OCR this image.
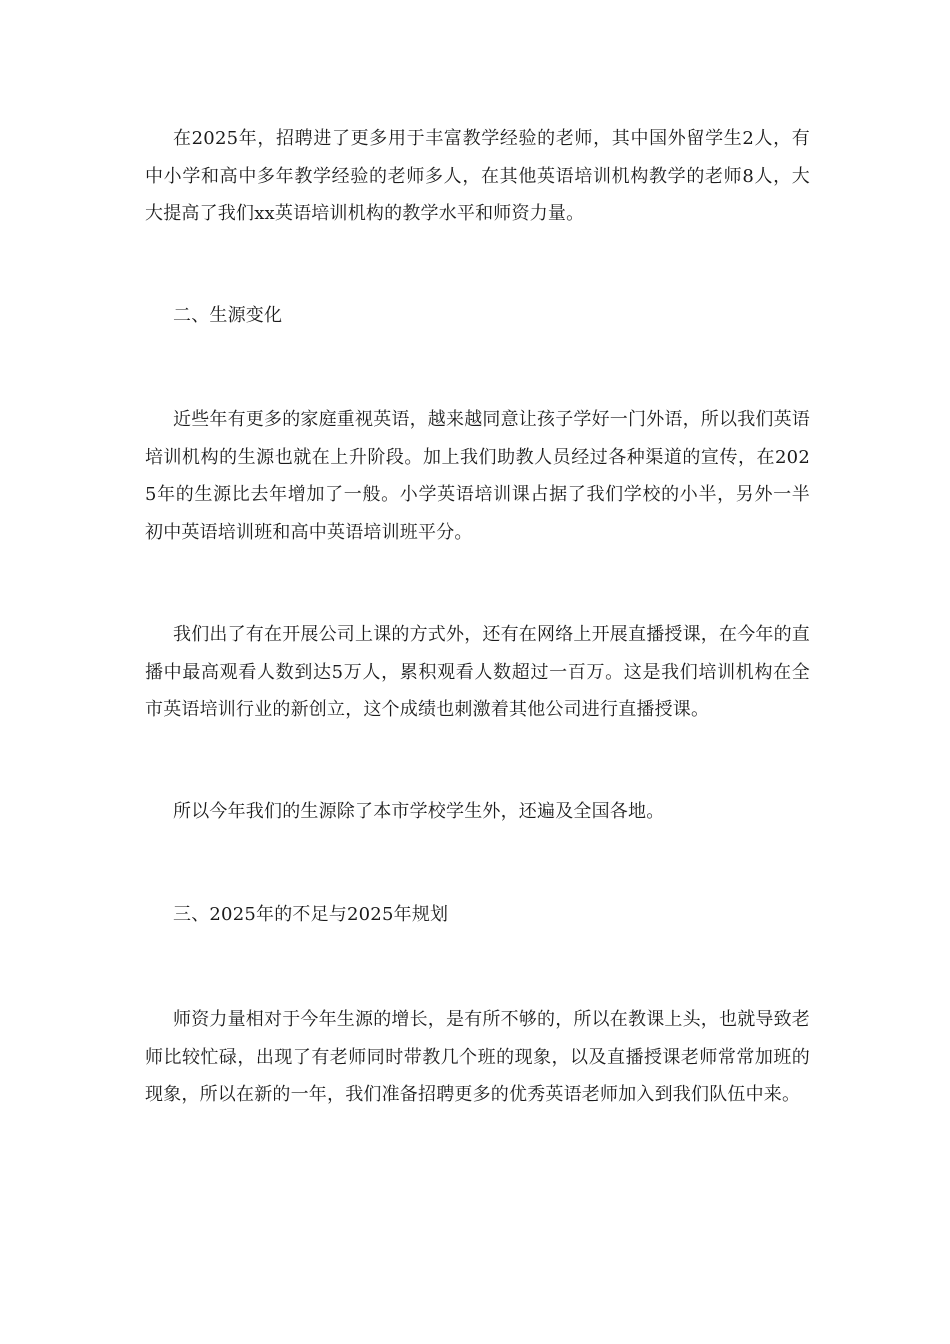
在2025年，招聘进了更多用于丰富教学经验的老师，其中国外留学生2人，有中小学和高中多年教学经验的老师多人，在其他英语培训机构教学的老师8人，大大提高了我们xx英语培训机构的教学水平和师资力量。

二、生源变化

近些年有更多的家庭重视英语，越来越同意让孩子学好一门外语，所以我们英语培训机构的生源也就在上升阶段。加上我们助教人员经过各种渠道的宣传，在2025年的生源比去年增加了一般。小学英语培训课占据了我们学校的小半，另外一半初中英语培训班和高中英语培训班平分。

我们出了有在开展公司上课的方式外，还有在网络上开展直播授课，在今年的直播中最高观看人数到达5万人，累积观看人数超过一百万。这是我们培训机构在全市英语培训行业的新创立，这个成绩也刺激着其他公司进行直播授课。

所以今年我们的生源除了本市学校学生外，还遍及全国各地。

三、2025年的不足与2025年规划

师资力量相对于今年生源的增长，是有所不够的，所以在教课上头，也就导致老师比较忙碌，出现了有老师同时带教几个班的现象，以及直播授课老师常常加班的现象，所以在新的一年，我们准备招聘更多的优秀英语老师加入到我们队伍中来。
